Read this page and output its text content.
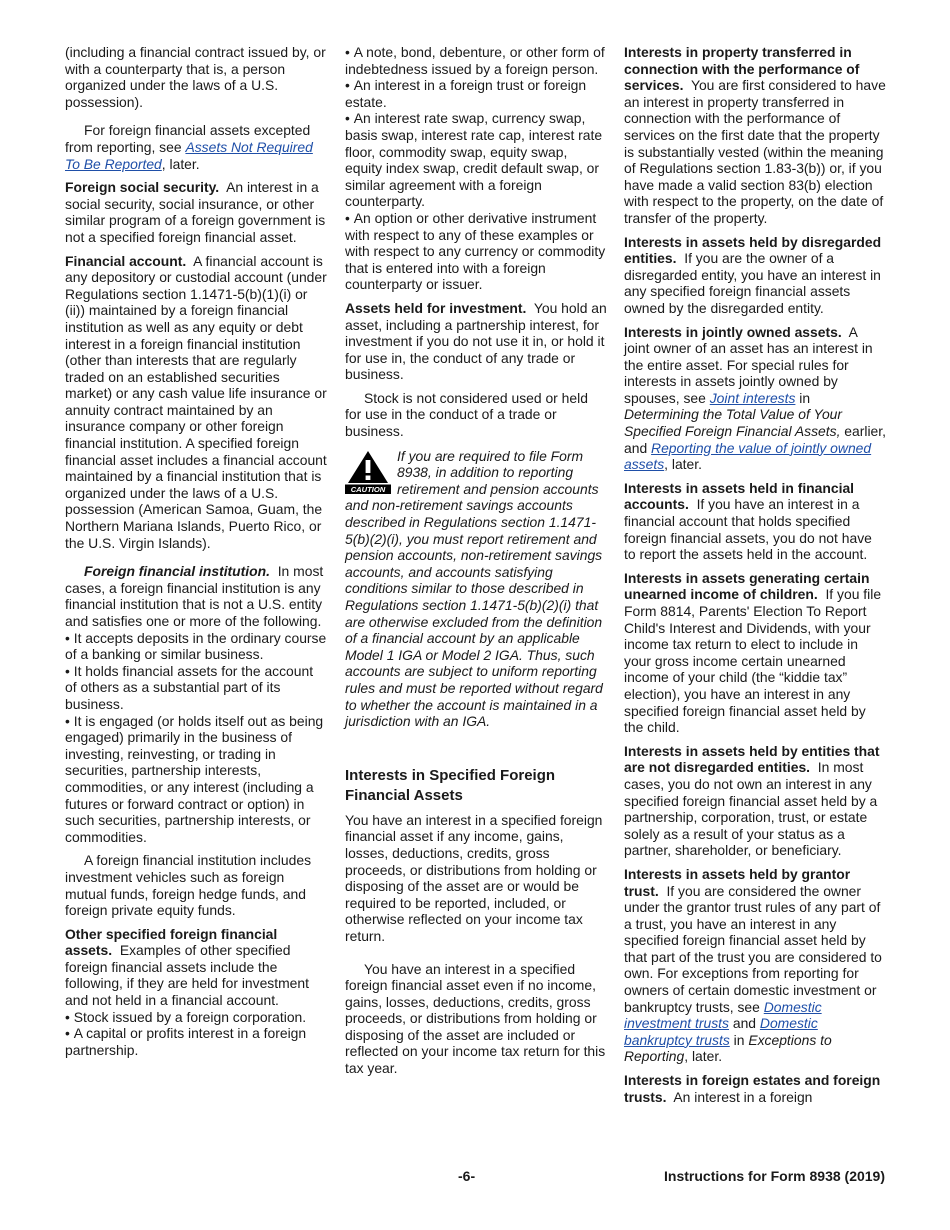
(including a financial contract issued by, or with a counterparty that is, a person organized under the laws of a U.S. possession).

For foreign financial assets excepted from reporting, see Assets Not Required To Be Reported, later.

Foreign social security. An interest in a social security, social insurance, or other similar program of a foreign government is not a specified foreign financial asset.

Financial account. A financial account is any depository or custodial account (under Regulations section 1.1471-5(b)(1)(i) or (ii)) maintained by a foreign financial institution as well as any equity or debt interest in a foreign financial institution (other than interests that are regularly traded on an established securities market) or any cash value life insurance or annuity contract maintained by an insurance company or other foreign financial institution. A specified foreign financial asset includes a financial account maintained by a financial institution that is organized under the laws of a U.S. possession (American Samoa, Guam, the Northern Mariana Islands, Puerto Rico, or the U.S. Virgin Islands).

Foreign financial institution. In most cases, a foreign financial institution is any financial institution that is not a U.S. entity and satisfies one or more of the following.

• It accepts deposits in the ordinary course of a banking or similar business.
• It holds financial assets for the account of others as a substantial part of its business.
• It is engaged (or holds itself out as being engaged) primarily in the business of investing, reinvesting, or trading in securities, partnership interests, commodities, or any interest (including a futures or forward contract or option) in such securities, partnership interests, or commodities.

A foreign financial institution includes investment vehicles such as foreign mutual funds, foreign hedge funds, and foreign private equity funds.

Other specified foreign financial assets. Examples of other specified foreign financial assets include the following, if they are held for investment and not held in a financial account.

• Stock issued by a foreign corporation.
• A capital or profits interest in a foreign partnership.
• A note, bond, debenture, or other form of indebtedness issued by a foreign person.
• An interest in a foreign trust or foreign estate.
• An interest rate swap, currency swap, basis swap, interest rate cap, interest rate floor, commodity swap, equity swap, equity index swap, credit default swap, or similar agreement with a foreign counterparty.
• An option or other derivative instrument with respect to any of these examples or with respect to any currency or commodity that is entered into with a foreign counterparty or issuer.

Assets held for investment. You hold an asset, including a partnership interest, for investment if you do not use it in, or hold it for use in, the conduct of any trade or business.

Stock is not considered used or held for use in the conduct of a trade or business.

CAUTION
If you are required to file Form 8938, in addition to reporting retirement and pension accounts and non-retirement savings accounts described in Regulations section 1.1471-5(b)(2)(i), you must report retirement and pension accounts, non-retirement savings accounts, and accounts satisfying conditions similar to those described in Regulations section 1.1471-5(b)(2)(i) that are otherwise excluded from the definition of a financial account by an applicable Model 1 IGA or Model 2 IGA. Thus, such accounts are subject to uniform reporting rules and must be reported without regard to whether the account is maintained in a jurisdiction with an IGA.
Interests in Specified Foreign Financial Assets

You have an interest in a specified foreign financial asset if any income, gains, losses, deductions, credits, gross proceeds, or distributions from holding or disposing of the asset are or would be required to be reported, included, or otherwise reflected on your income tax return.

You have an interest in a specified foreign financial asset even if no income, gains, losses, deductions, credits, gross proceeds, or distributions from holding or disposing of the asset are included or reflected on your income tax return for this tax year.

Interests in property transferred in connection with the performance of services. You are first considered to have an interest in property transferred in connection with the performance of services on the first date that the property is substantially vested (within the meaning of Regulations section 1.83-3(b)) or, if you have made a valid section 83(b) election with respect to the property, on the date of transfer of the property.

Interests in assets held by disregarded entities. If you are the owner of a disregarded entity, you have an interest in any specified foreign financial assets owned by the disregarded entity.

Interests in jointly owned assets. A joint owner of an asset has an interest in the entire asset. For special rules for interests in assets jointly owned by spouses, see Joint interests in Determining the Total Value of Your Specified Foreign Financial Assets, earlier, and Reporting the value of jointly owned assets, later.

Interests in assets held in financial accounts. If you have an interest in a financial account that holds specified foreign financial assets, you do not have to report the assets held in the account.

Interests in assets generating certain unearned income of children. If you file Form 8814, Parents' Election To Report Child's Interest and Dividends, with your income tax return to elect to include in your gross income certain unearned income of your child (the “kiddie tax” election), you have an interest in any specified foreign financial asset held by the child.

Interests in assets held by entities that are not disregarded entities. In most cases, you do not own an interest in any specified foreign financial asset held by a partnership, corporation, trust, or estate solely as a result of your status as a partner, shareholder, or beneficiary.

Interests in assets held by grantor trust. If you are considered the owner under the grantor trust rules of any part of a trust, you have an interest in any specified foreign financial asset held by that part of the trust you are considered to own. For exceptions from reporting for owners of certain domestic investment or bankruptcy trusts, see Domestic investment trusts and Domestic bankruptcy trusts in Exceptions to Reporting, later.

Interests in foreign estates and foreign trusts. An interest in a foreign

-6-	Instructions for Form 8938 (2019)
